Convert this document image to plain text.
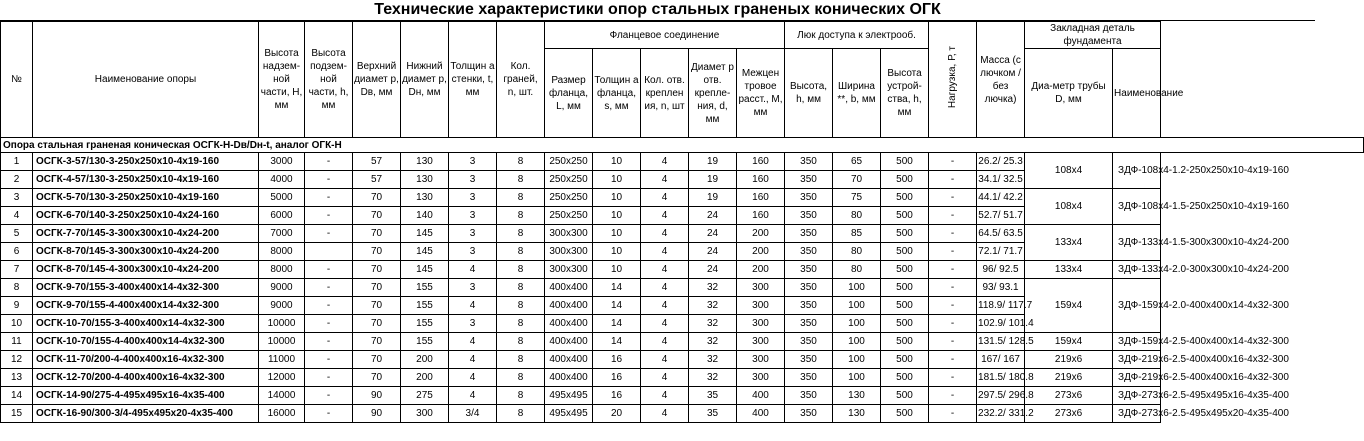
Технические характеристики опор стальных граненых конических ОГК
№	Наименование опоры	Высота надзем-ной части, Н, мм	Высота подзем-ной части, h, мм	Верхний диамет р, Dв, мм	Нижний диамет р, Dн, мм	Толщин а стенки, t, мм	Кол. граней, n, шт.	Фланцевое соединение					Люк доступа к электрооб.			Нагрузка, Р, т	Масса (с лючком / без лючка)	Закладная деталь фундамента	
								Размер фланца, L, мм	Толщин а фланца, s, мм	Кол. отв. креплен ия, n, шт	Диамет р отв. крепле-ния, d, мм	Межцен тровое расст., М, мм	Высота, h, мм	Ширина **, b, мм	Высота устрой-ства, h, мм			Диа-метр трубы D, мм	Наименование
Опора стальная граненая коническая ОСГК-Н-Dв/Dн-t, аналог ОГК-Н																			
1	ОСГК-3-57/130-3-250x250x10-4x19-160	3000	-	57	130	3	8	250x250	10	4	19	160	350	65	500	-	26.2/ 25.3	108x4	ЗДФ-108x4-1.2-250x250x10-4x19-160
2	ОСГК-4-57/130-3-250x250x10-4x19-160	4000	-	57	130	3	8	250x250	10	4	19	160	350	70	500	-	34.1/ 32.5		
3	ОСГК-5-70/130-3-250x250x10-4x19-160	5000	-	70	130	3	8	250x250	10	4	19	160	350	75	500	-	44.1/ 42.2	108x4	ЗДФ-108x4-1.5-250x250x10-4x19-160
4	ОСГК-6-70/140-3-250x250x10-4x24-160	6000	-	70	140	3	8	250x250	10	4	24	160	350	80	500	-	52.7/ 51.7		
5	ОСГК-7-70/145-3-300x300x10-4x24-200	7000	-	70	145	3	8	300x300	10	4	24	200	350	85	500	-	64.5/ 63.5	133x4	ЗДФ-133x4-1.5-300x300x10-4x24-200
6	ОСГК-8-70/145-3-300x300x10-4x24-200	8000		70	145	3	8	300x300	10	4	24	200	350	80	500	-	72.1/ 71.7		
7	ОСГК-8-70/145-4-300x300x10-4x24-200	8000	-	70	145	4	8	300x300	10	4	24	200	350	80	500	-	96/ 92.5	133x4	ЗДФ-133x4-2.0-300x300x10-4x24-200
8	ОСГК-9-70/155-3-400x400x14-4x32-300	9000	-	70	155	3	8	400x400	14	4	32	300	350	100	500	-	93/ 93.1	159x4	ЗДФ-159x4-2.0-400x400x14-4x32-300
9	ОСГК-9-70/155-4-400x400x14-4x32-300	9000	-	70	155	4	8	400x400	14	4	32	300	350	100	500	-	118.9/ 117.7		
10	ОСГК-10-70/155-3-400x400x14-4x32-300	10000	-	70	155	3	8	400x400	14	4	32	300	350	100	500	-	102.9/ 101.4		
11	ОСГК-10-70/155-4-400x400x14-4x32-300	10000	-	70	155	4	8	400x400	14	4	32	300	350	100	500	-	131.5/ 128.5	159x4	ЗДФ-159x4-2.5-400x400x14-4x32-300
12	ОСГК-11-70/200-4-400x400x16-4x32-300	11000	-	70	200	4	8	400x400	16	4	32	300	350	100	500	-	167/ 167	219x6	ЗДФ-219x6-2.5-400x400x16-4x32-300
13	ОСГК-12-70/200-4-400x400x16-4x32-300	12000	-	70	200	4	8	400x400	16	4	32	300	350	100	500	-	181.5/ 180.8	219x6	ЗДФ-219x6-2.5-400x400x16-4x32-300
14	ОСГК-14-90/275-4-495x495x16-4x35-400	14000	-	90	275	4	8	495x495	16	4	35	400	350	130	500	-	297.5/ 296.8	273x6	ЗДФ-273x6-2.5-495x495x16-4x35-400
15	ОСГК-16-90/300-3/4-495x495x20-4x35-400	16000	-	90	300	3/4	8	495x495	20	4	35	400	350	130	500	-	232.2/ 331.2	273x6	ЗДФ-273x6-2.5-495x495x20-4x35-400
